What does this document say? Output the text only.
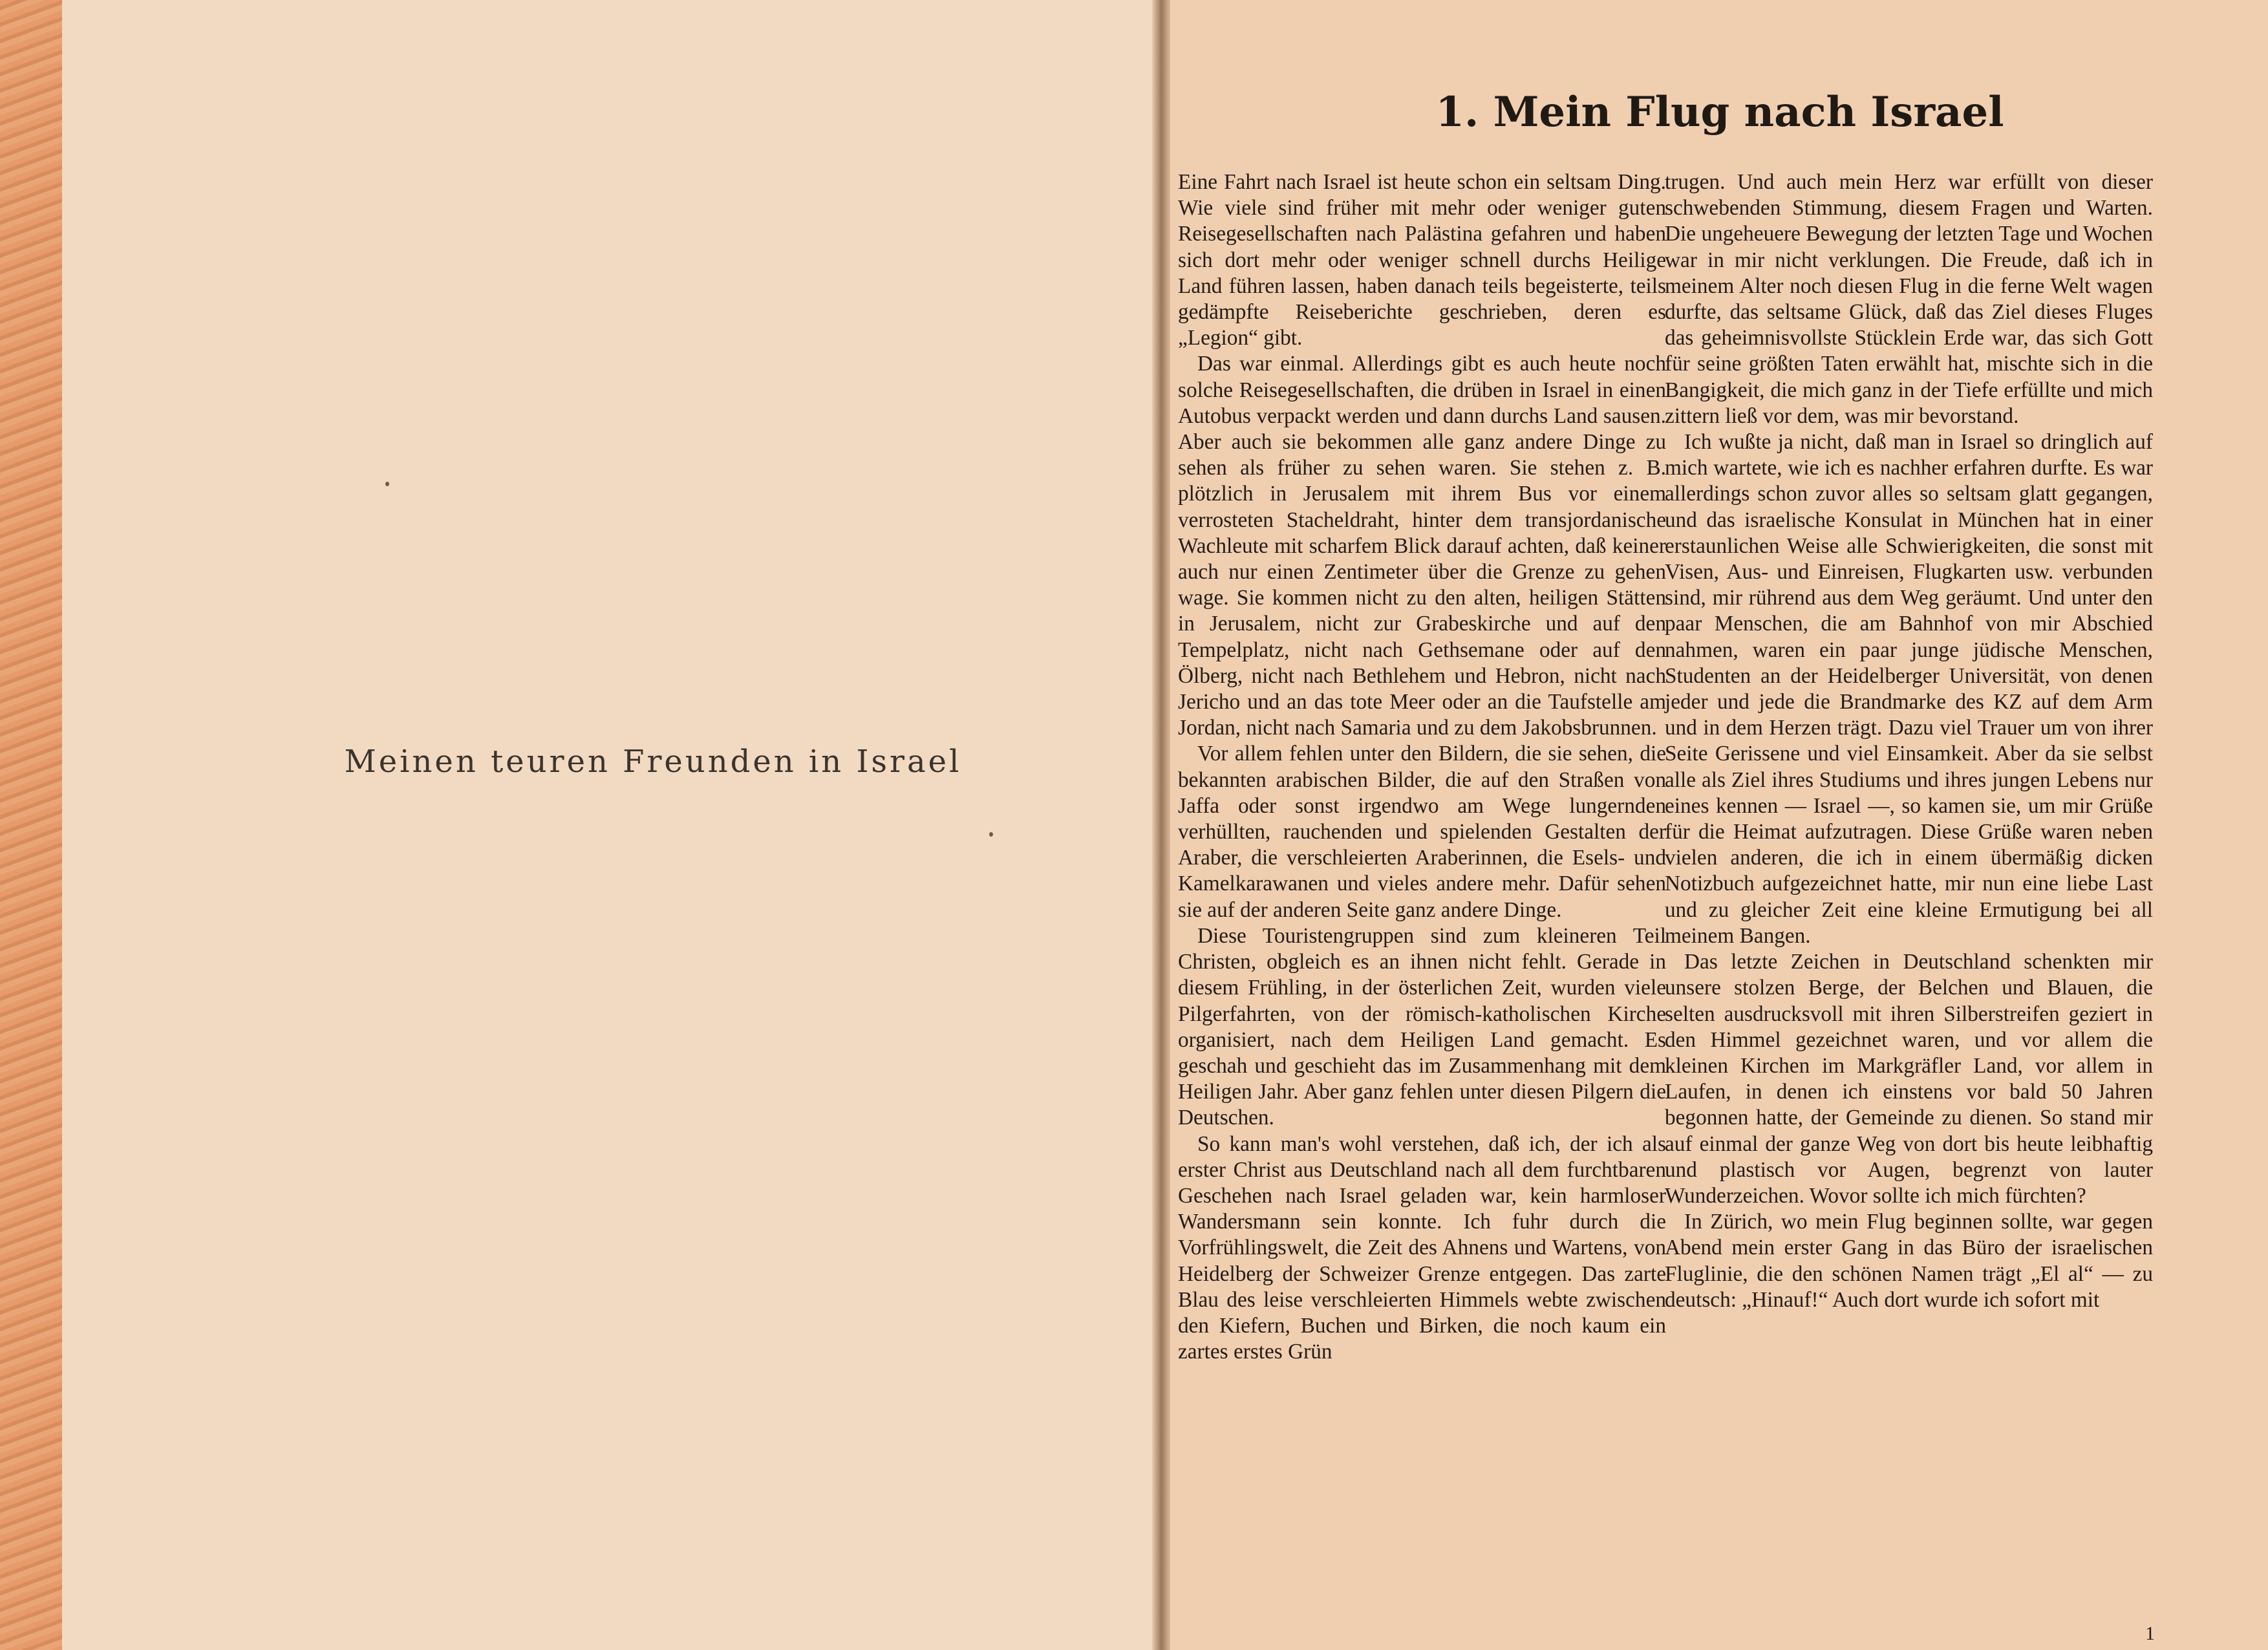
Meinen teuren Freunden in Israel
1. Mein Flug nach Israel

Eine Fahrt nach Israel ist heute schon ein seltsam Ding. Wie viele sind früher mit mehr oder weniger guten Reisegesellschaften nach Palästina gefahren und haben sich dort mehr oder weniger schnell durchs Heilige Land führen lassen, haben danach teils begeisterte, teils gedämpfte Reiseberichte geschrieben, deren es „Legion“ gibt.

Das war einmal. Allerdings gibt es auch heute noch solche Reisegesellschaften, die drüben in Israel in einen Autobus verpackt werden und dann durchs Land sausen. Aber auch sie bekommen alle ganz andere Dinge zu sehen als früher zu sehen waren. Sie stehen z. B. plötzlich in Jerusalem mit ihrem Bus vor einem verrosteten Stacheldraht, hinter dem transjordanische Wachleute mit scharfem Blick darauf achten, daß keiner auch nur einen Zentimeter über die Grenze zu gehen wage. Sie kommen nicht zu den alten, heiligen Stätten in Jerusalem, nicht zur Grabeskirche und auf den Tempelplatz, nicht nach Gethsemane oder auf den Ölberg, nicht nach Bethlehem und Hebron, nicht nach Jericho und an das tote Meer oder an die Taufstelle am Jordan, nicht nach Samaria und zu dem Jakobsbrunnen.

Vor allem fehlen unter den Bildern, die sie sehen, die bekannten arabischen Bilder, die auf den Straßen von Jaffa oder sonst irgendwo am Wege lungernden verhüllten, rauchenden und spielenden Gestalten der Araber, die verschleierten Araberinnen, die Esels- und Kamelkarawanen und vieles andere mehr. Dafür sehen sie auf der anderen Seite ganz andere Dinge.

Diese Touristengruppen sind zum kleineren Teil Christen, obgleich es an ihnen nicht fehlt. Gerade in diesem Frühling, in der österlichen Zeit, wurden viele Pilgerfahrten, von der römisch-katholischen Kirche organisiert, nach dem Heiligen Land gemacht. Es geschah und geschieht das im Zusammenhang mit dem Heiligen Jahr. Aber ganz fehlen unter diesen Pilgern die Deutschen.

So kann man's wohl verstehen, daß ich, der ich als erster Christ aus Deutschland nach all dem furchtbaren Geschehen nach Israel geladen war, kein harmloser Wandersmann sein konnte. Ich fuhr durch die Vorfrühlingswelt, die Zeit des Ahnens und Wartens, von Heidelberg der Schweizer Grenze entgegen. Das zarte Blau des leise verschleierten Himmels webte zwischen den Kiefern, Buchen und Birken, die noch kaum ein zartes erstes Grün

trugen. Und auch mein Herz war erfüllt von dieser schwebenden Stimmung, diesem Fragen und Warten. Die ungeheuere Bewegung der letzten Tage und Wochen war in mir nicht verklungen. Die Freude, daß ich in meinem Alter noch diesen Flug in die ferne Welt wagen durfte, das seltsame Glück, daß das Ziel dieses Fluges das geheimnisvollste Stücklein Erde war, das sich Gott für seine größten Taten erwählt hat, mischte sich in die Bangigkeit, die mich ganz in der Tiefe erfüllte und mich zittern ließ vor dem, was mir bevorstand.

Ich wußte ja nicht, daß man in Israel so dringlich auf mich wartete, wie ich es nachher erfahren durfte. Es war allerdings schon zuvor alles so seltsam glatt gegangen, und das israelische Konsulat in München hat in einer erstaunlichen Weise alle Schwierigkeiten, die sonst mit Visen, Aus- und Einreisen, Flugkarten usw. verbunden sind, mir rührend aus dem Weg geräumt. Und unter den paar Menschen, die am Bahnhof von mir Abschied nahmen, waren ein paar junge jüdische Menschen, Studenten an der Heidelberger Universität, von denen jeder und jede die Brandmarke des KZ auf dem Arm und in dem Herzen trägt. Dazu viel Trauer um von ihrer Seite Gerissene und viel Einsamkeit. Aber da sie selbst alle als Ziel ihres Studiums und ihres jungen Lebens nur eines kennen — Israel —, so kamen sie, um mir Grüße für die Heimat aufzutragen. Diese Grüße waren neben vielen anderen, die ich in einem übermäßig dicken Notizbuch aufgezeichnet hatte, mir nun eine liebe Last und zu gleicher Zeit eine kleine Ermutigung bei all meinem Bangen.

Das letzte Zeichen in Deutschland schenkten mir unsere stolzen Berge, der Belchen und Blauen, die selten ausdrucksvoll mit ihren Silberstreifen geziert in den Himmel gezeichnet waren, und vor allem die kleinen Kirchen im Markgräfler Land, vor allem in Laufen, in denen ich einstens vor bald 50 Jahren begonnen hatte, der Gemeinde zu dienen. So stand mir auf einmal der ganze Weg von dort bis heute leibhaftig und plastisch vor Augen, begrenzt von lauter Wunderzeichen. Wovor sollte ich mich fürchten?

In Zürich, wo mein Flug beginnen sollte, war gegen Abend mein erster Gang in das Büro der israelischen Fluglinie, die den schönen Namen trägt „El al“ — zu deutsch: „Hinauf!“ Auch dort wurde ich sofort mit

1
